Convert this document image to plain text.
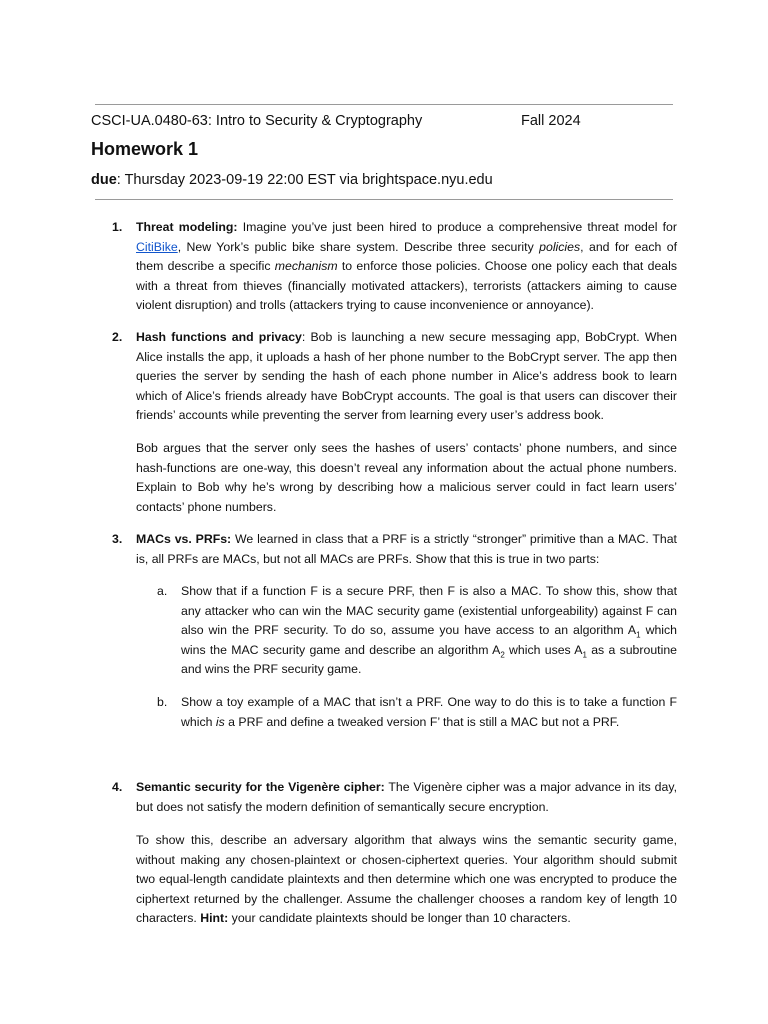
CSCI-UA.0480-63: Intro to Security & Cryptography	Fall 2024
Homework 1
due: Thursday 2023-09-19 22:00 EST via brightspace.nyu.edu
1. Threat modeling: Imagine you’ve just been hired to produce a comprehensive threat model for CitiBike, New York’s public bike share system. Describe three security policies, and for each of them describe a specific mechanism to enforce those policies. Choose one policy each that deals with a threat from thieves (financially motivated attackers), terrorists (attackers aiming to cause violent disruption) and trolls (attackers trying to cause inconvenience or annoyance).

2. Hash functions and privacy: Bob is launching a new secure messaging app, BobCrypt. When Alice installs the app, it uploads a hash of her phone number to the BobCrypt server. The app then queries the server by sending the hash of each phone number in Alice’s address book to learn which of Alice’s friends already have BobCrypt accounts. The goal is that users can discover their friends’ accounts while preventing the server from learning every user’s address book.

Bob argues that the server only sees the hashes of users’ contacts’ phone numbers, and since hash-functions are one-way, this doesn’t reveal any information about the actual phone numbers. Explain to Bob why he’s wrong by describing how a malicious server could in fact learn users’ contacts’ phone numbers.

3. MACs vs. PRFs: We learned in class that a PRF is a strictly “stronger” primitive than a MAC. That is, all PRFs are MACs, but not all MACs are PRFs. Show that this is true in two parts:

a. Show that if a function F is a secure PRF, then F is also a MAC. To show this, show that any attacker who can win the MAC security game (existential unforgeability) against F can also win the PRF security. To do so, assume you have access to an algorithm $A_1$ which wins the MAC security game and describe an algorithm $A_2$ which uses $A_1$ as a subroutine and wins the PRF security game.

b. Show a toy example of a MAC that isn’t a PRF. One way to do this is to take a function F which is a PRF and define a tweaked version F’ that is still a MAC but not a PRF.

4. Semantic security for the Vigenère cipher: The Vigenère cipher was a major advance in its day, but does not satisfy the modern definition of semantically secure encryption.

To show this, describe an adversary algorithm that always wins the semantic security game, without making any chosen-plaintext or chosen-ciphertext queries. Your algorithm should submit two equal-length candidate plaintexts and then determine which one was encrypted to produce the ciphertext returned by the challenger. Assume the challenger chooses a random key of length 10 characters. Hint: your candidate plaintexts should be longer than 10 characters.
